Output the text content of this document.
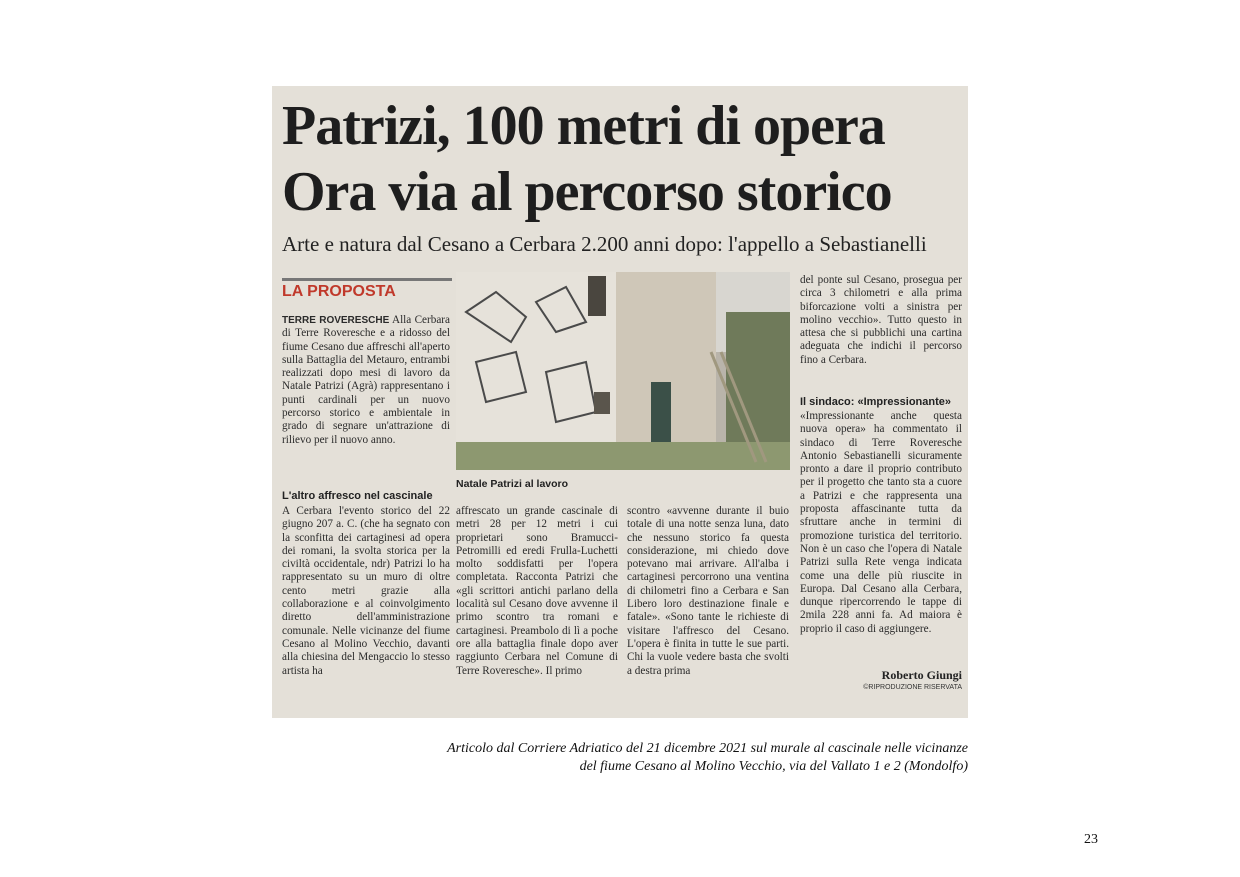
Patrizi, 100 metri di opera
Ora via al percorso storico

Arte e natura dal Cesano a Cerbara 2.200 anni dopo: l'appello a Sebastianelli

LA PROPOSTA

TERRE ROVERESCHE Alla Cerbara di Terre Roveresche e a ridosso del fiume Cesano due affreschi all'aperto sulla Battaglia del Metauro, entrambi realizzati dopo mesi di lavoro da Natale Patrizi (Agrà) rappresentano i punti cardinali per un nuovo percorso storico e ambientale in grado di segnare un'attrazione di rilievo per il nuovo anno.

L'altro affresco nel cascinale

A Cerbara l'evento storico del 22 giugno 207 a. C. (che ha segnato con la sconfitta dei cartaginesi ad opera dei romani, la svolta storica per la civiltà occidentale, ndr) Patrizi lo ha rappresentato su un muro di oltre cento metri grazie alla collaborazione e al coinvolgimento diretto dell'amministrazione comunale. Nelle vicinanze del fiume Cesano al Molino Vecchio, davanti alla chiesina del Mengaccio lo stesso artista ha

Natale Patrizi al lavoro

affrescato un grande cascinale di metri 28 per 12 metri i cui proprietari sono Bramucci-Petromilli ed eredi Frulla-Luchetti molto soddisfatti per l'opera completata. Racconta Patrizi che «gli scrittori antichi parlano della località sul Cesano dove avvenne il primo scontro tra romani e cartaginesi. Preambolo di lì a poche ore alla battaglia finale dopo aver raggiunto Cerbara nel Comune di Terre Roveresche». Il primo

scontro «avvenne durante il buio totale di una notte senza luna, dato che nessuno storico fa questa considerazione, mi chiedo dove potevano mai arrivare. All'alba i cartaginesi percorrono una ventina di chilometri fino a Cerbara e San Libero loro destinazione finale e fatale». «Sono tante le richieste di visitare l'affresco del Cesano. L'opera è finita in tutte le sue parti. Chi la vuole vedere basta che svolti a destra prima

del ponte sul Cesano, prosegua per circa 3 chilometri e alla prima biforcazione volti a sinistra per molino vecchio». Tutto questo in attesa che si pubblichi una cartina adeguata che indichi il percorso fino a Cerbara.

Il sindaco: «Impressionante»

«Impressionante anche questa nuova opera» ha commentato il sindaco di Terre Roveresche Antonio Sebastianelli sicuramente pronto a dare il proprio contributo per il progetto che tanto sta a cuore a Patrizi e che rappresenta una proposta affascinante tutta da sfruttare anche in termini di promozione turistica del territorio. Non è un caso che l'opera di Natale Patrizi sulla Rete venga indicata come una delle più riuscite in Europa. Dal Cesano alla Cerbara, dunque ripercorrendo le tappe di 2mila 228 anni fa. Ad maiora è proprio il caso di aggiungere.

Roberto Giungi

©RIPRODUZIONE RISERVATA

Articolo dal Corriere Adriatico del 21 dicembre 2021 sul murale al cascinale nelle vicinanze
del fiume Cesano al Molino Vecchio, via del Vallato 1 e 2 (Mondolfo)

23
